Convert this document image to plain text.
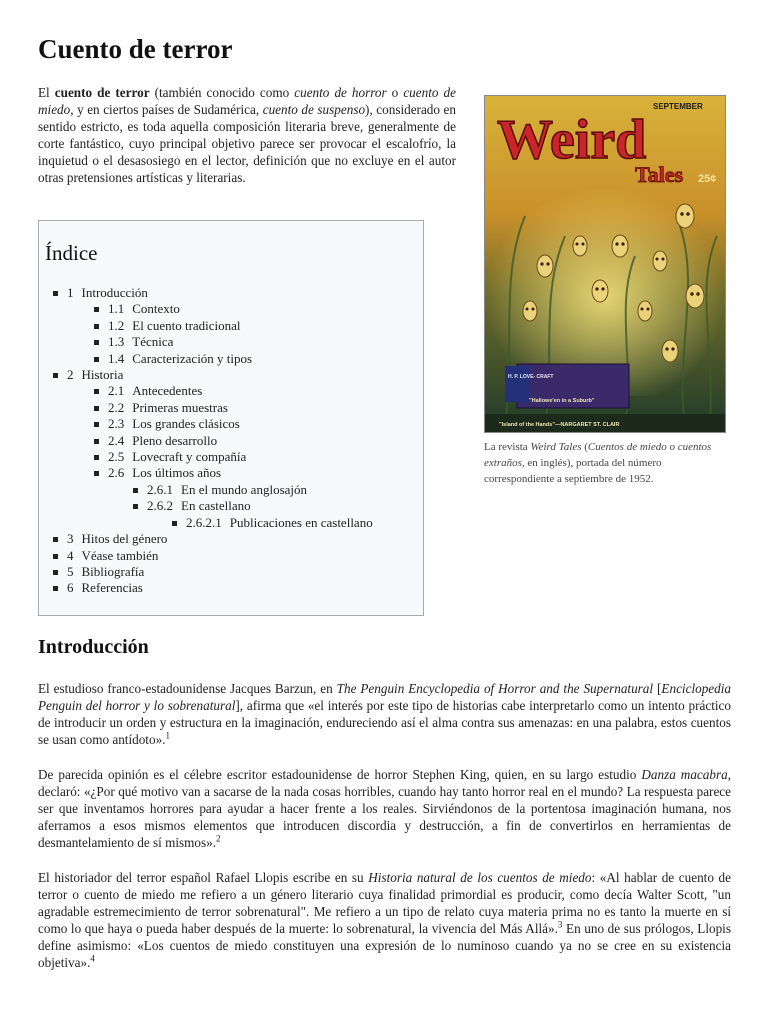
Cuento de terror

El cuento de terror (también conocido como cuento de horror o cuento de miedo, y en ciertos países de Sudamérica, cuento de suspenso), considerado en sentido estricto, es toda aquella composición literaria breve, generalmente de corte fantástico, cuyo principal objetivo parece ser provocar el escalofrío, la inquietud o el desasosiego en el lector, definición que no excluye en el autor otras pretensiones artísticas y literarias.

SEPTEMBER
Weird
Tales 25¢
H. P. LOVE- CRAFT
"Hallowe'en in a Suburb"
"Island of the Hands"—NARGARET ST. CLAIR

La revista Weird Tales (Cuentos de miedo o cuentos extraños, en inglés), portada del número correspondiente a septiembre de 1952.

Índice
1 Introducción
1.1 Contexto
1.2 El cuento tradicional
1.3 Técnica
1.4 Caracterización y tipos
2 Historia
2.1 Antecedentes
2.2 Primeras muestras
2.3 Los grandes clásicos
2.4 Pleno desarrollo
2.5 Lovecraft y compañía
2.6 Los últimos años
2.6.1 En el mundo anglosajón
2.6.2 En castellano
2.6.2.1 Publicaciones en castellano
3 Hitos del género
4 Véase también
5 Bibliografía
6 Referencias
Introducción

El estudioso franco-estadounidense Jacques Barzun, en The Penguin Encyclopedia of Horror and the Supernatural [Enciclopedia Penguin del horror y lo sobrenatural], afirma que «el interés por este tipo de historias cabe interpretarlo como un intento práctico de introducir un orden y estructura en la imaginación, endureciendo así el alma contra sus amenazas: en una palabra, estos cuentos se usan como antídoto».$^1$

De parecida opinión es el célebre escritor estadounidense de horror Stephen King, quien, en su largo estudio Danza macabra, declaró: «¿Por qué motivo van a sacarse de la nada cosas horribles, cuando hay tanto horror real en el mundo? La respuesta parece ser que inventamos horrores para ayudar a hacer frente a los reales. Sirviéndonos de la portentosa imaginación humana, nos aferramos a esos mismos elementos que introducen discordia y destrucción, a fin de convertirlos en herramientas de desmantelamiento de sí mismos».$^2$

El historiador del terror español Rafael Llopis escribe en su Historia natural de los cuentos de miedo: «Al hablar de cuento de terror o cuento de miedo me refiero a un género literario cuya finalidad primordial es producir, como decía Walter Scott, "un agradable estremecimiento de terror sobrenatural". Me refiero a un tipo de relato cuya materia prima no es tanto la muerte en sí como lo que haya o pueda haber después de la muerte: lo sobrenatural, la vivencia del Más Allá».$^3$ En uno de sus prólogos, Llopis define asimismo: «Los cuentos de miedo constituyen una expresión de lo numinoso cuando ya no se cree en su existencia objetiva».$^4$
